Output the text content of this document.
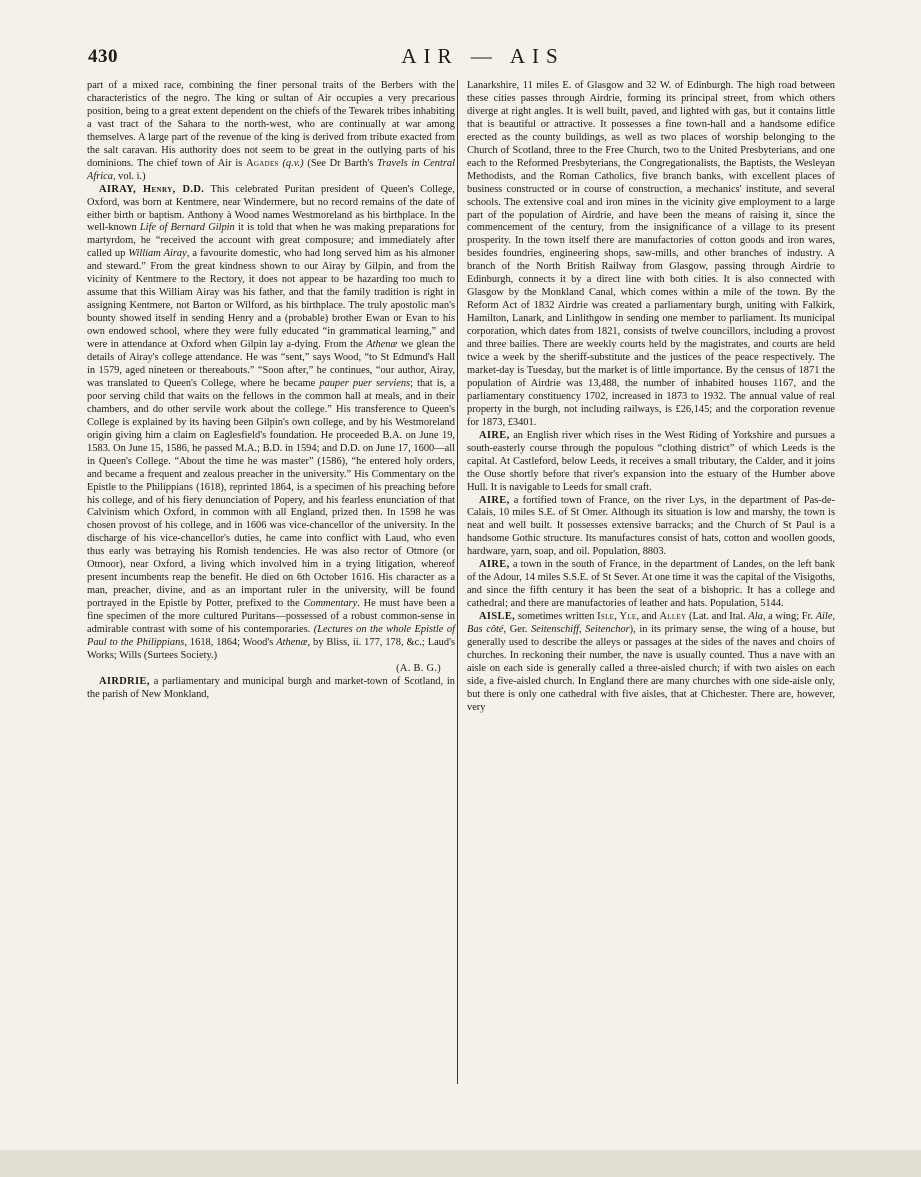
430	AIR — AIS

part of a mixed race, combining the finer personal traits of the Berbers with the characteristics of the negro. The king or sultan of Air occupies a very precarious position, being to a great extent dependent on the chiefs of the Tewarek tribes inhabiting a vast tract of the Sahara to the north-west, who are continually at war among themselves. A large part of the revenue of the king is derived from tribute exacted from the salt caravan. His authority does not seem to be great in the outlying parts of his dominions. The chief town of Air is Agades (q.v.) (See Dr Barth's Travels in Central Africa, vol. i.)

AIRAY, Henry, D.D. This celebrated Puritan president of Queen's College, Oxford, was born at Kentmere, near Windermere, but no record remains of the date of either birth or baptism. Anthony à Wood names Westmoreland as his birthplace. In the well-known Life of Bernard Gilpin it is told that when he was making preparations for martyrdom, he “received the account with great composure; and immediately after called up William Airay, a favourite domestic, who had long served him as his almoner and steward.” From the great kindness shown to our Airay by Gilpin, and from the vicinity of Kentmere to the Rectory, it does not appear to be hazarding too much to assume that this William Airay was his father, and that the family tradition is right in assigning Kentmere, not Barton or Wilford, as his birthplace. The truly apostolic man's bounty showed itself in sending Henry and a (probable) brother Ewan or Evan to his own endowed school, where they were fully educated “in grammatical learning,” and were in attendance at Oxford when Gilpin lay a-dying. From the Athenæ we glean the details of Airay's college attendance. He was “sent,” says Wood, “to St Edmund's Hall in 1579, aged nineteen or thereabouts.” “Soon after,” he continues, “our author, Airay, was translated to Queen's College, where he became pauper puer serviens; that is, a poor serving child that waits on the fellows in the common hall at meals, and in their chambers, and do other servile work about the college.” His transference to Queen's College is explained by its having been Gilpin's own college, and by his Westmoreland origin giving him a claim on Eaglesfield's foundation. He proceeded B.A. on June 19, 1583. On June 15, 1586, he passed M.A.; B.D. in 1594; and D.D. on June 17, 1600—all in Queen's College. “About the time he was master” (1586), “he entered holy orders, and became a frequent and zealous preacher in the university.” His Commentary on the Epistle to the Philippians (1618), reprinted 1864, is a specimen of his preaching before his college, and of his fiery denunciation of Popery, and his fearless enunciation of that Calvinism which Oxford, in common with all England, prized then. In 1598 he was chosen provost of his college, and in 1606 was vice-chancellor of the university. In the discharge of his vice-chancellor's duties, he came into conflict with Laud, who even thus early was betraying his Romish tendencies. He was also rector of Otmore (or Otmoor), near Oxford, a living which involved him in a trying litigation, whereof present incumbents reap the benefit. He died on 6th October 1616. His character as a man, preacher, divine, and as an important ruler in the university, will be found portrayed in the Epistle by Potter, prefixed to the Commentary. He must have been a fine specimen of the more cultured Puritans—possessed of a robust common-sense in admirable contrast with some of his contemporaries. (Lectures on the whole Epistle of Paul to the Philippians, 1618, 1864; Wood's Athenæ, by Bliss, ii. 177, 178, &c.; Laud's Works; Wills (Surtees Society.)
(A. B. G.)

AIRDRIE, a parliamentary and municipal burgh and market-town of Scotland, in the parish of New Monkland,

Lanarkshire, 11 miles E. of Glasgow and 32 W. of Edinburgh. The high road between these cities passes through Airdrie, forming its principal street, from which others diverge at right angles. It is well built, paved, and lighted with gas, but it contains little that is beautiful or attractive. It possesses a fine town-hall and a handsome edifice erected as the county buildings, as well as two places of worship belonging to the Church of Scotland, three to the Free Church, two to the United Presbyterians, and one each to the Reformed Presbyterians, the Congregationalists, the Baptists, the Wesleyan Methodists, and the Roman Catholics, five branch banks, with excellent places of business constructed or in course of construction, a mechanics' institute, and several schools. The extensive coal and iron mines in the vicinity give employment to a large part of the population of Airdrie, and have been the means of raising it, since the commencement of the century, from the insignificance of a village to its present prosperity. In the town itself there are manufactories of cotton goods and iron wares, besides foundries, engineering shops, saw-mills, and other branches of industry. A branch of the North British Railway from Glasgow, passing through Airdrie to Edinburgh, connects it by a direct line with both cities. It is also connected with Glasgow by the Monkland Canal, which comes within a mile of the town. By the Reform Act of 1832 Airdrie was created a parliamentary burgh, uniting with Falkirk, Hamilton, Lanark, and Linlithgow in sending one member to parliament. Its municipal corporation, which dates from 1821, consists of twelve councillors, including a provost and three bailies. There are weekly courts held by the magistrates, and courts are held twice a week by the sheriff-substitute and the justices of the peace respectively. The market-day is Tuesday, but the market is of little importance. By the census of 1871 the population of Airdrie was 13,488, the number of inhabited houses 1167, and the parliamentary constituency 1702, increased in 1873 to 1932. The annual value of real property in the burgh, not including railways, is £26,145; and the corporation revenue for 1873, £3401.

AIRE, an English river which rises in the West Riding of Yorkshire and pursues a south-easterly course through the populous “clothing district” of which Leeds is the capital. At Castleford, below Leeds, it receives a small tributary, the Calder, and it joins the Ouse shortly before that river's expansion into the estuary of the Humber above Hull. It is navigable to Leeds for small craft.

AIRE, a fortified town of France, on the river Lys, in the department of Pas-de-Calais, 10 miles S.E. of St Omer. Although its situation is low and marshy, the town is neat and well built. It possesses extensive barracks; and the Church of St Paul is a handsome Gothic structure. Its manufactures consist of hats, cotton and woollen goods, hardware, yarn, soap, and oil. Population, 8803.

AIRE, a town in the south of France, in the department of Landes, on the left bank of the Adour, 14 miles S.S.E. of St Sever. At one time it was the capital of the Visigoths, and since the fifth century it has been the seat of a bishopric. It has a college and cathedral; and there are manufactories of leather and hats. Population, 5144.

AISLE, sometimes written Isle, Yle, and Alley (Lat. and Ital. Ala, a wing; Fr. Aile, Bas côté, Ger. Seitenschiff, Seitenchor), in its primary sense, the wing of a house, but generally used to describe the alleys or passages at the sides of the naves and choirs of churches. In reckoning their number, the nave is usually counted. Thus a nave with an aisle on each side is generally called a three-aisled church; if with two aisles on each side, a five-aisled church. In England there are many churches with one side-aisle only, but there is only one cathedral with five aisles, that at Chichester. There are, however, very
